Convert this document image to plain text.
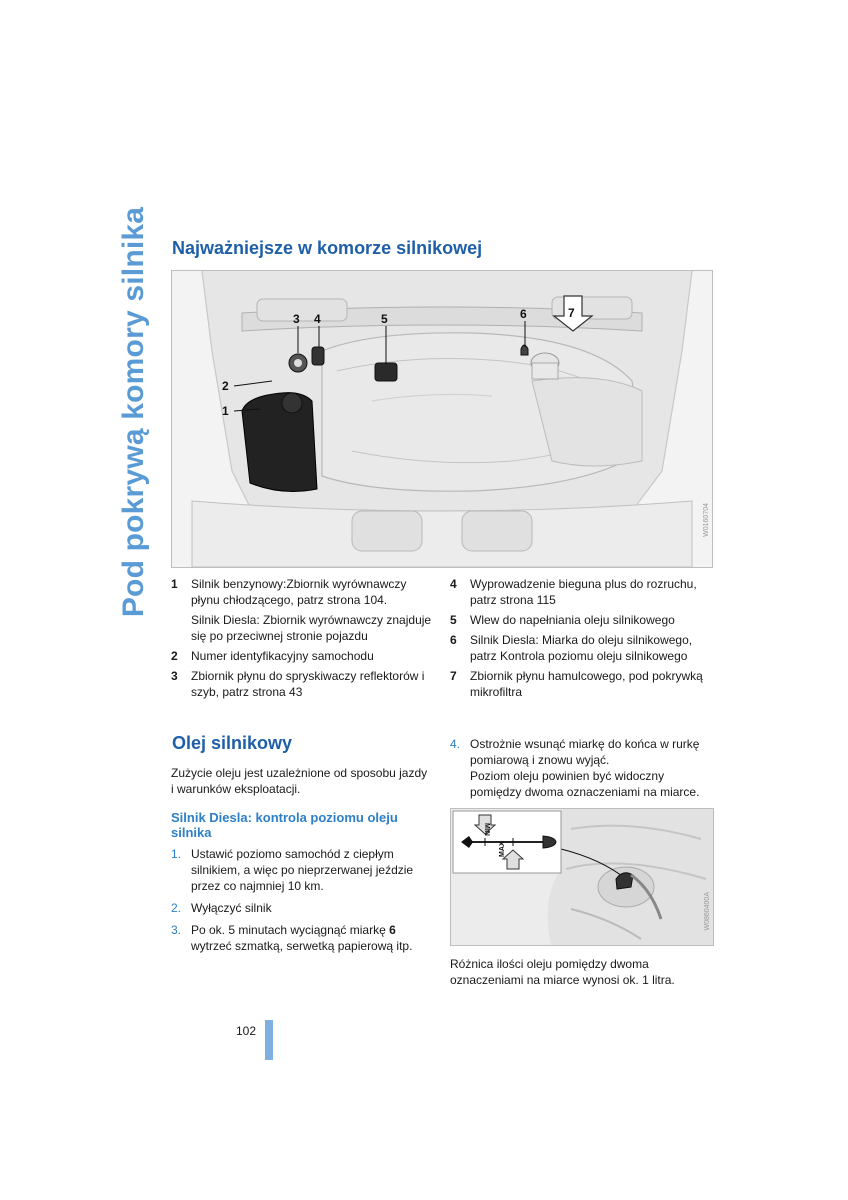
Pod pokrywą komory silnika Najważniejsze w komorze silnikowej
1
2
3 4	5	6	7
W0160704
1 Silnik benzynowy:Zbiornik wyrównawczy płynu chłodzącego, patrz strona 104.
Silnik Diesla: Zbiornik wyrównawczy znajduje się po przeciwnej stronie pojazdu
2 Numer identyfikacyjny samochodu
3 Zbiornik płynu do spryskiwaczy reflektorów i szyb, patrz strona 43
4 Wyprowadzenie bieguna plus do rozruchu, patrz strona 115
5 Wlew do napełniania oleju silnikowego
6 Silnik Diesla: Miarka do oleju silnikowego, patrz Kontrola poziomu oleju silnikowego
7 Zbiornik płynu hamulcowego, pod pokrywką mikrofiltra
Olej silnikowy

Zużycie oleju jest uzależnione od sposobu jazdy i warunków eksploatacji.

Silnik Diesla: kontrola poziomu oleju silnika
1. Ustawić poziomo samochód z ciepłym silnikiem, a więc po nieprzerwanej jeździe przez co najmniej 10 km.
2. Wyłączyć silnik
3. Po ok. 5 minutach wyciągnąć miarkę 6 wytrzeć szmatką, serwetką papierową itp.
4. Ostrożnie wsunąć miarkę do końca w rurkę pomiarową i znowu wyjąć.
Poziom oleju powinien być widoczny pomiędzy dwoma oznaczeniami na miarce.
MIN
MAX
W0860400A

Różnica ilości oleju pomiędzy dwoma oznaczeniami na miarce wynosi ok. 1 litra.

102
